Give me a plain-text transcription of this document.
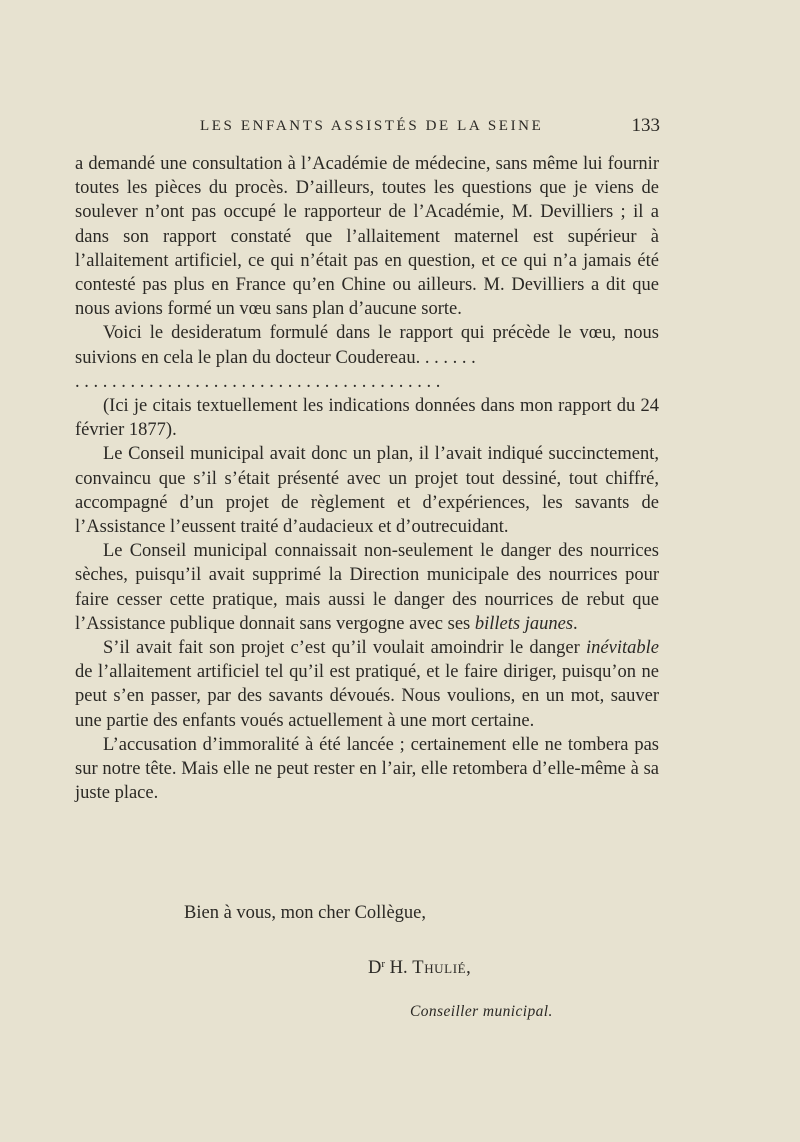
LES ENFANTS ASSISTÉS DE LA SEINE	133

a demandé une consultation à l’Académie de médecine, sans même lui fournir toutes les pièces du procès. D’ailleurs, toutes les questions que je viens de soulever n’ont pas occupé le rapporteur de l’Académie, M. Devilliers ; il a dans son rapport constaté que l’allaitement maternel est supérieur à l’allaitement artificiel, ce qui n’était pas en question, et ce qui n’a jamais été contesté pas plus en France qu’en Chine ou ailleurs. M. Devilliers a dit que nous avions formé un vœu sans plan d’aucune sorte.

Voici le desideratum formulé dans le rapport qui précède le vœu, nous suivions en cela le plan du docteur Coudereau. . . . . . .

. . . . . . . . . . . . . . . . . . . . . . . . . . . . . . . . . . . . . . . .

(Ici je citais textuellement les indications données dans mon rapport du 24 février 1877).

Le Conseil municipal avait donc un plan, il l’avait indiqué succinctement, convaincu que s’il s’était présenté avec un projet tout dessiné, tout chiffré, accompagné d’un projet de règlement et d’expériences, les savants de l’Assistance l’eussent traité d’audacieux et d’outrecuidant.

Le Conseil municipal connaissait non-seulement le danger des nourrices sèches, puisqu’il avait supprimé la Direction municipale des nourrices pour faire cesser cette pratique, mais aussi le danger des nourrices de rebut que l’Assistance publique donnait sans vergogne avec ses billets jaunes.

S’il avait fait son projet c’est qu’il voulait amoindrir le danger inévitable de l’allaitement artificiel tel qu’il est pratiqué, et le faire diriger, puisqu’on ne peut s’en passer, par des savants dévoués. Nous voulions, en un mot, sauver une partie des enfants voués actuellement à une mort certaine.

L’accusation d’immoralité à été lancée ; certainement elle ne tombera pas sur notre tête. Mais elle ne peut rester en l’air, elle retombera d’elle-même à sa juste place.

Bien à vous, mon cher Collègue,
$D^r$ H. Thulié,
Conseiller municipal.
